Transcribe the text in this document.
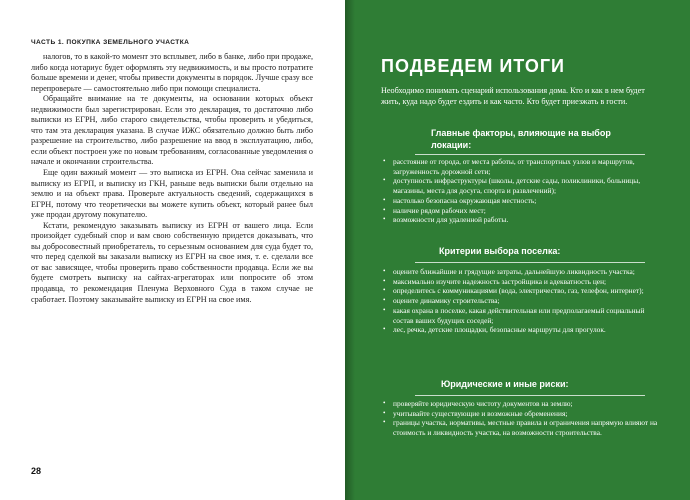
ЧАСТЬ 1. ПОКУПКА ЗЕМЕЛЬНОГО УЧАСТКА

налогов, то в какой-то момент это всплывет, либо в банке, либо при продаже, либо когда нотариус будет оформлять эту недвижимость, и вы просто потратите больше времени и денег, чтобы привести документы в порядок. Лучше сразу все перепроверьте — самостоятельно либо при помощи специалиста.

Обращайте внимание на те документы, на основании которых объект недвижимости был зарегистрирован. Если это декларация, то достаточно либо выписки из ЕГРН, либо старого свидетельства, чтобы проверить и убедиться, что там эта декларация указана. В случае ИЖС обязательно должно быть либо разрешение на строительство, либо разрешение на ввод в эксплуатацию, либо, если объект построен уже по новым требованиям, согласованные уведомления о начале и окончании строительства.

Еще один важный момент — это выписка из ЕГРН. Она сейчас заменила и выписку из ЕГРП, и выписку из ГКН, раньше ведь выписки были отдельно на землю и на объект права. Проверьте актуальность сведений, содержащихся в ЕГРН, потому что теоретически вы можете купить объект, который ранее был уже продан другому покупателю.

Кстати, рекомендую заказывать выписку из ЕГРН от вашего лица. Если произойдет судебный спор и вам свою собственную придется доказывать, что вы добросовестный приобретатель, то серьезным основанием для суда будет то, что перед сделкой вы заказали выписку из ЕГРН на свое имя, т. е. сделали все от вас зависящее, чтобы проверить право собственности продавца. Если же вы будете смотреть выписку на сайтах-агрегаторах или попросите об этом продавца, то рекомендация Пленума Верховного Суда в таком случае не сработает. Поэтому заказывайте выписку из ЕГРН на свое имя.

28
ПОДВЕДЕМ ИТОГИ
Необходимо понимать сценарий использования дома. Кто и как в нем будет жить, куда надо будет ездить и как часто. Кто будет приезжать в гости.
Главные факторы, влияющие на выбор локации:
• расстояние от города, от места работы, от транспортных узлов и маршрутов, загруженность дорожной сети;
• доступность инфраструктуры (школы, детские сады, поликлиники, больницы, магазины, места для досуга, спорта и развлечений);
• настолько безопасна окружающая местность;
• наличие рядом рабочих мест;
• возможности для удаленной работы.
Критерии выбора поселка:
• оцените ближайшие и грядущие затраты, дальнейшую ликвидность участка;
• максимально изучите надежность застройщика и адекватность цен;
• определитесь с коммуникациями (вода, электричество, газ, телефон, интернет);
• оцените динамику строительства;
• какая охрана в поселке, какая действительная или предполагаемый социальный состав ваших будущих соседей;
• лес, речка, детские площадки, безопасные маршруты для прогулок.
Юридические и иные риски:
• проверяйте юридическую чистоту документов на землю;
• учитывайте существующие и возможные обременения;
• границы участка, нормативы, местные правила и ограничения напрямую влияют на стоимость и ликвидность участка, на возможности строительства.
